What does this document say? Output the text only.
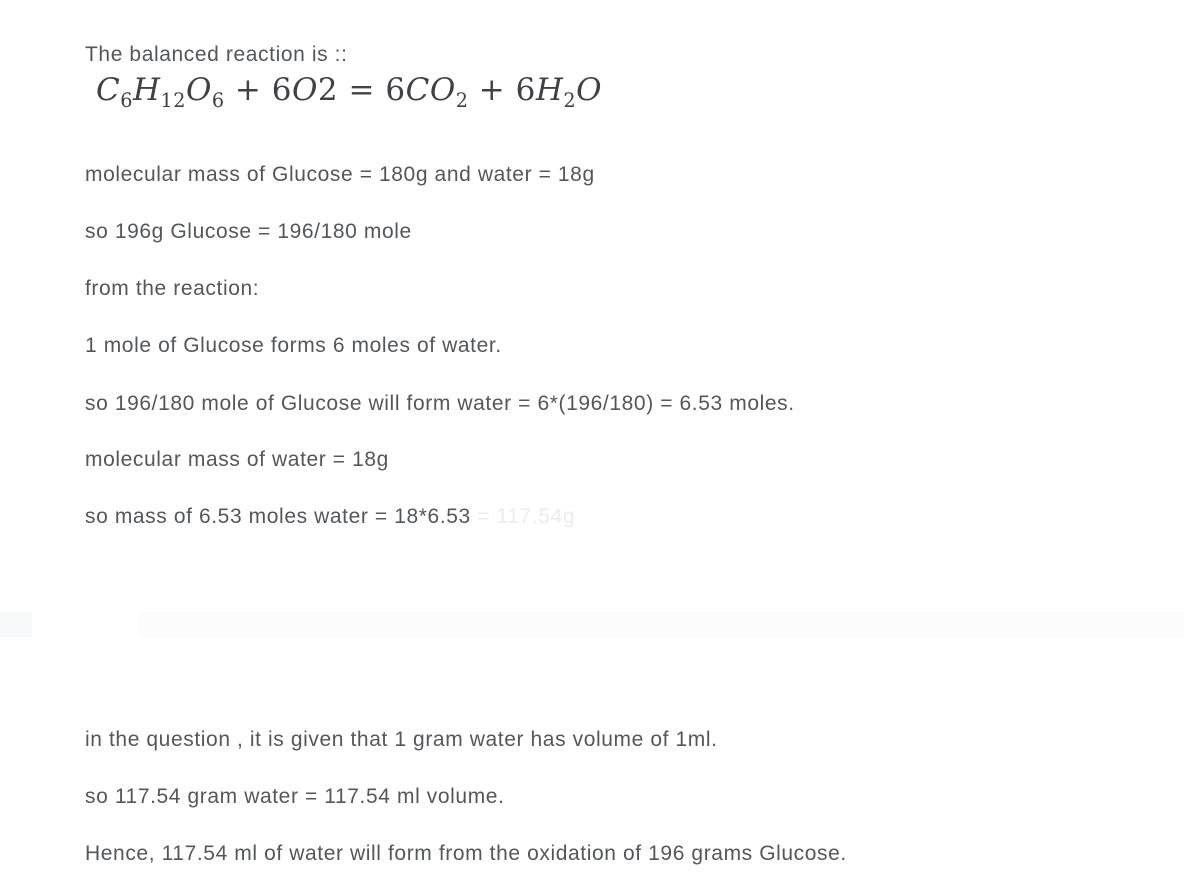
The balanced reaction is ::

$C_6H_{12}O_6 + 6O2 = 6CO_2 + 6H_2O$

molecular mass of Glucose = 180g and water = 18g

so 196g Glucose = 196/180 mole

from the reaction:

1 mole of Glucose forms 6 moles of water.

so 196/180 mole of Glucose will form water = 6*(196/180) = 6.53 moles.

molecular mass of water = 18g

so mass of 6.53 moles water = 18*6.53 = 117.54g

in the question , it is given that 1 gram water has volume of 1ml.

so 117.54 gram water = 117.54 ml volume.

Hence, 117.54 ml of water will form from the oxidation of 196 grams Glucose.
